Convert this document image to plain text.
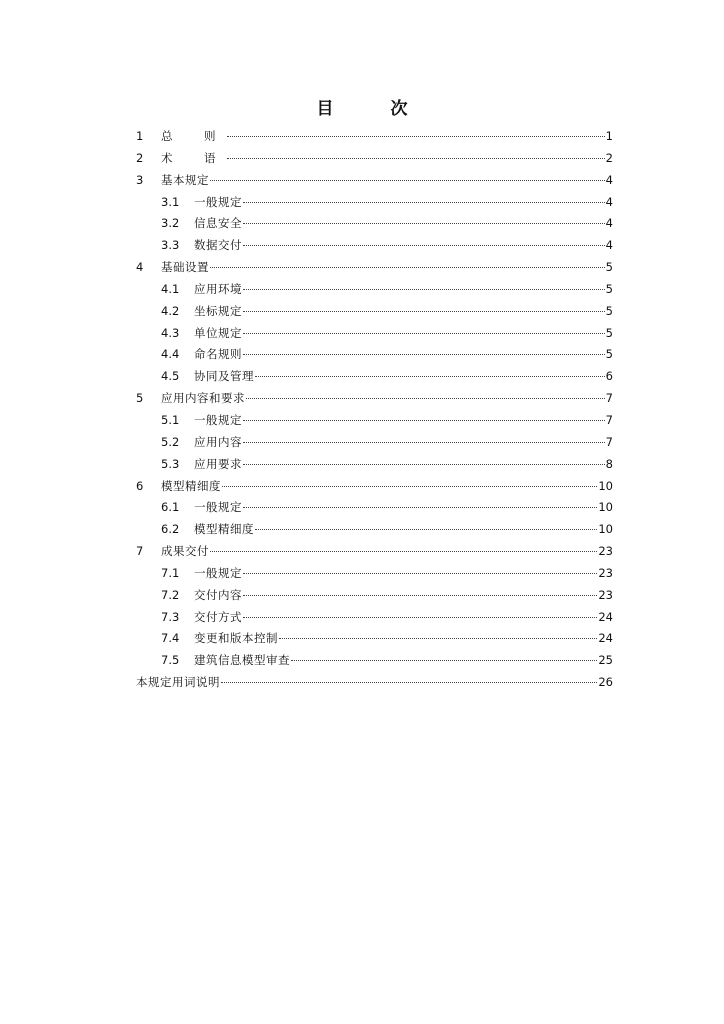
目　次
1	总　则	1
2	术　语	2
3	基本规定	4
3.1	一般规定	4
3.2	信息安全	4
3.3	数据交付	4
4	基础设置	5
4.1	应用环境	5
4.2	坐标规定	5
4.3	单位规定	5
4.4	命名规则	5
4.5	协同及管理	6
5	应用内容和要求	7
5.1	一般规定	7
5.2	应用内容	7
5.3	应用要求	8
6	模型精细度	10
6.1	一般规定	10
6.2	模型精细度	10
7	成果交付	23
7.1	一般规定	23
7.2	交付内容	23
7.3	交付方式	24
7.4	变更和版本控制	24
7.5	建筑信息模型审查	25
本规定用词说明	26
